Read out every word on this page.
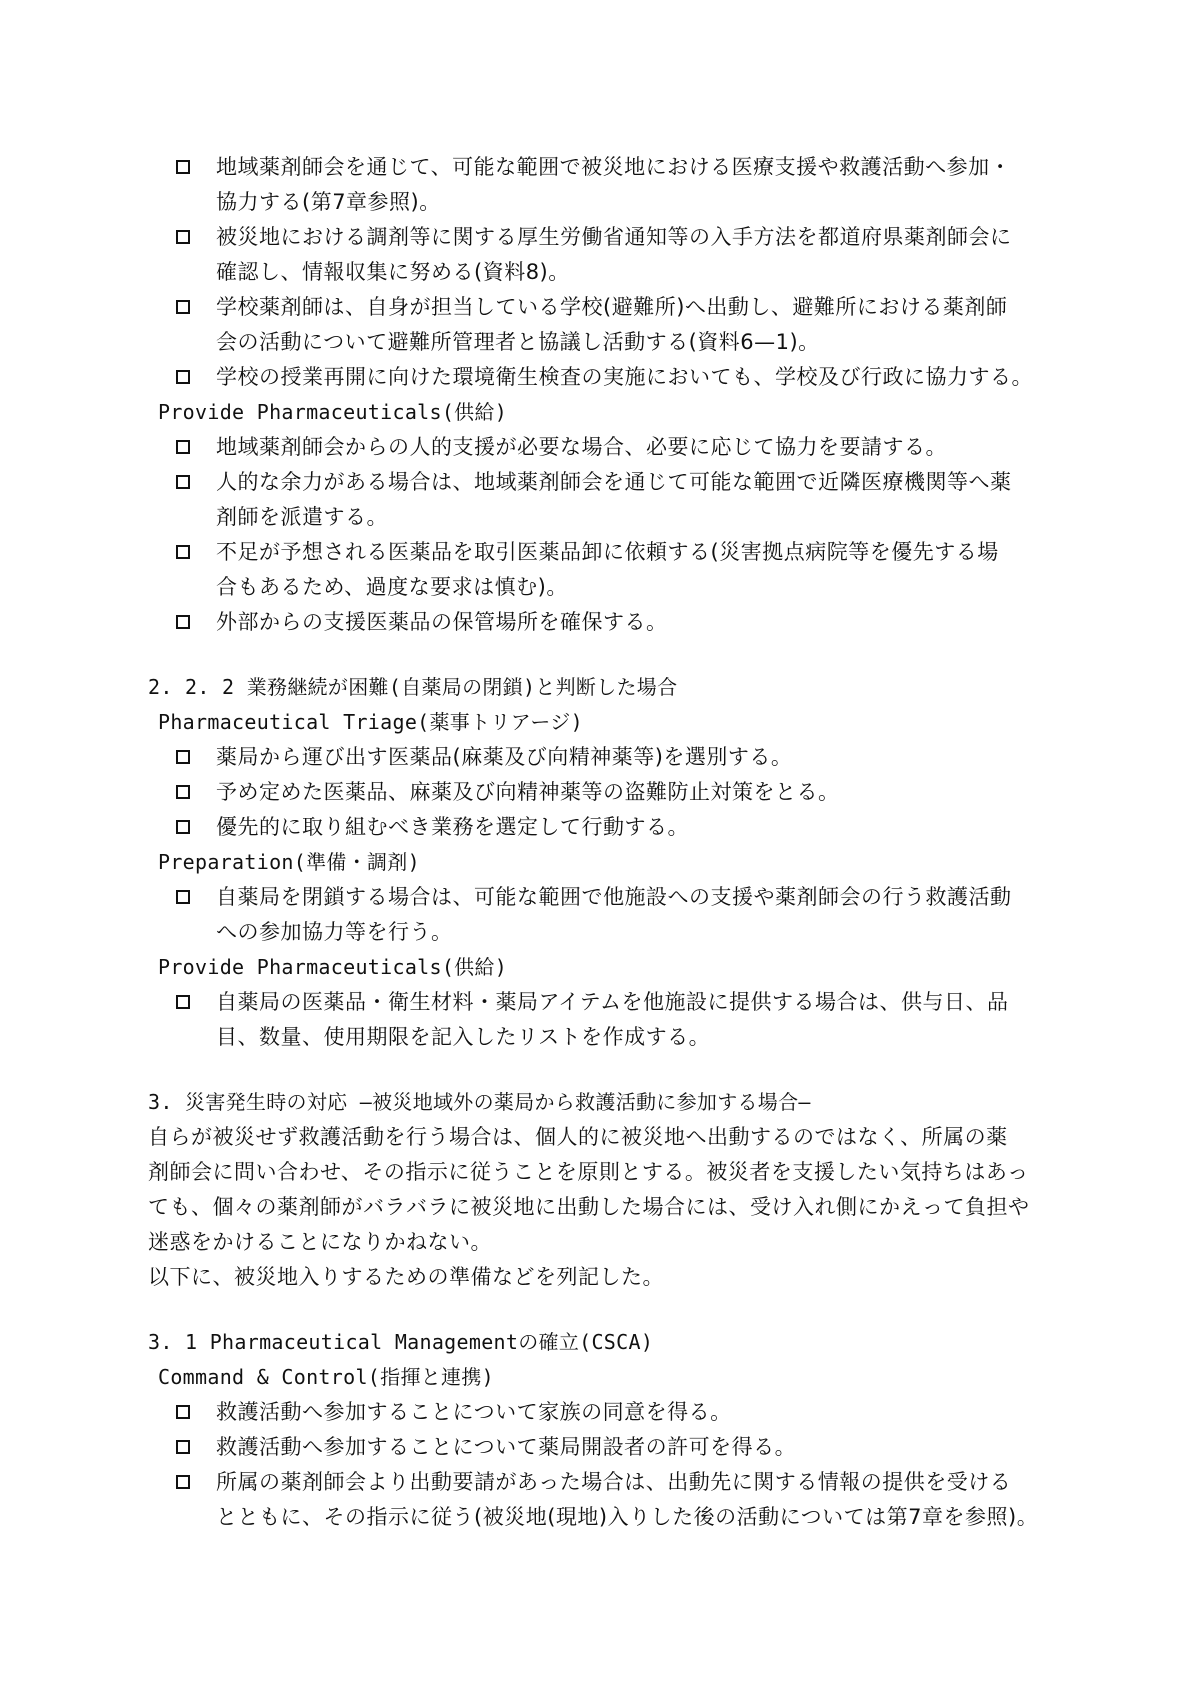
地域薬剤師会を通じて、可能な範囲で被災地における医療支援や救護活動へ参加・
協力する(第7章参照)。
被災地における調剤等に関する厚生労働省通知等の入手方法を都道府県薬剤師会に
確認し、情報収集に努める(資料8)。
学校薬剤師は、自身が担当している学校(避難所)へ出動し、避難所における薬剤師
会の活動について避難所管理者と協議し活動する(資料6—1)。
学校の授業再開に向けた環境衛生検査の実施においても、学校及び行政に協力する。
Provide Pharmaceuticals(供給)
地域薬剤師会からの人的支援が必要な場合、必要に応じて協力を要請する。
人的な余力がある場合は、地域薬剤師会を通じて可能な範囲で近隣医療機関等へ薬
剤師を派遣する。
不足が予想される医薬品を取引医薬品卸に依頼する(災害拠点病院等を優先する場
合もあるため、過度な要求は慎む)。
外部からの支援医薬品の保管場所を確保する。
2. 2. 2 業務継続が困難(自薬局の閉鎖)と判断した場合
Pharmaceutical Triage(薬事トリアージ)
薬局から運び出す医薬品(麻薬及び向精神薬等)を選別する。
予め定めた医薬品、麻薬及び向精神薬等の盗難防止対策をとる。
優先的に取り組むべき業務を選定して行動する。
Preparation(準備・調剤)
自薬局を閉鎖する場合は、可能な範囲で他施設への支援や薬剤師会の行う救護活動
への参加協力等を行う。
Provide Pharmaceuticals(供給)
自薬局の医薬品・衛生材料・薬局アイテムを他施設に提供する場合は、供与日、品
目、数量、使用期限を記入したリストを作成する。
3. 災害発生時の対応 ―被災地域外の薬局から救護活動に参加する場合―
自らが被災せず救護活動を行う場合は、個人的に被災地へ出動するのではなく、所属の薬
剤師会に問い合わせ、その指示に従うことを原則とする。被災者を支援したい気持ちはあっ
ても、個々の薬剤師がバラバラに被災地に出動した場合には、受け入れ側にかえって負担や
迷惑をかけることになりかねない。
以下に、被災地入りするための準備などを列記した。
3. 1 Pharmaceutical Managementの確立(CSCA)
Command & Control(指揮と連携)
救護活動へ参加することについて家族の同意を得る。
救護活動へ参加することについて薬局開設者の許可を得る。
所属の薬剤師会より出動要請があった場合は、出動先に関する情報の提供を受ける
とともに、その指示に従う(被災地(現地)入りした後の活動については第7章を参照)。
